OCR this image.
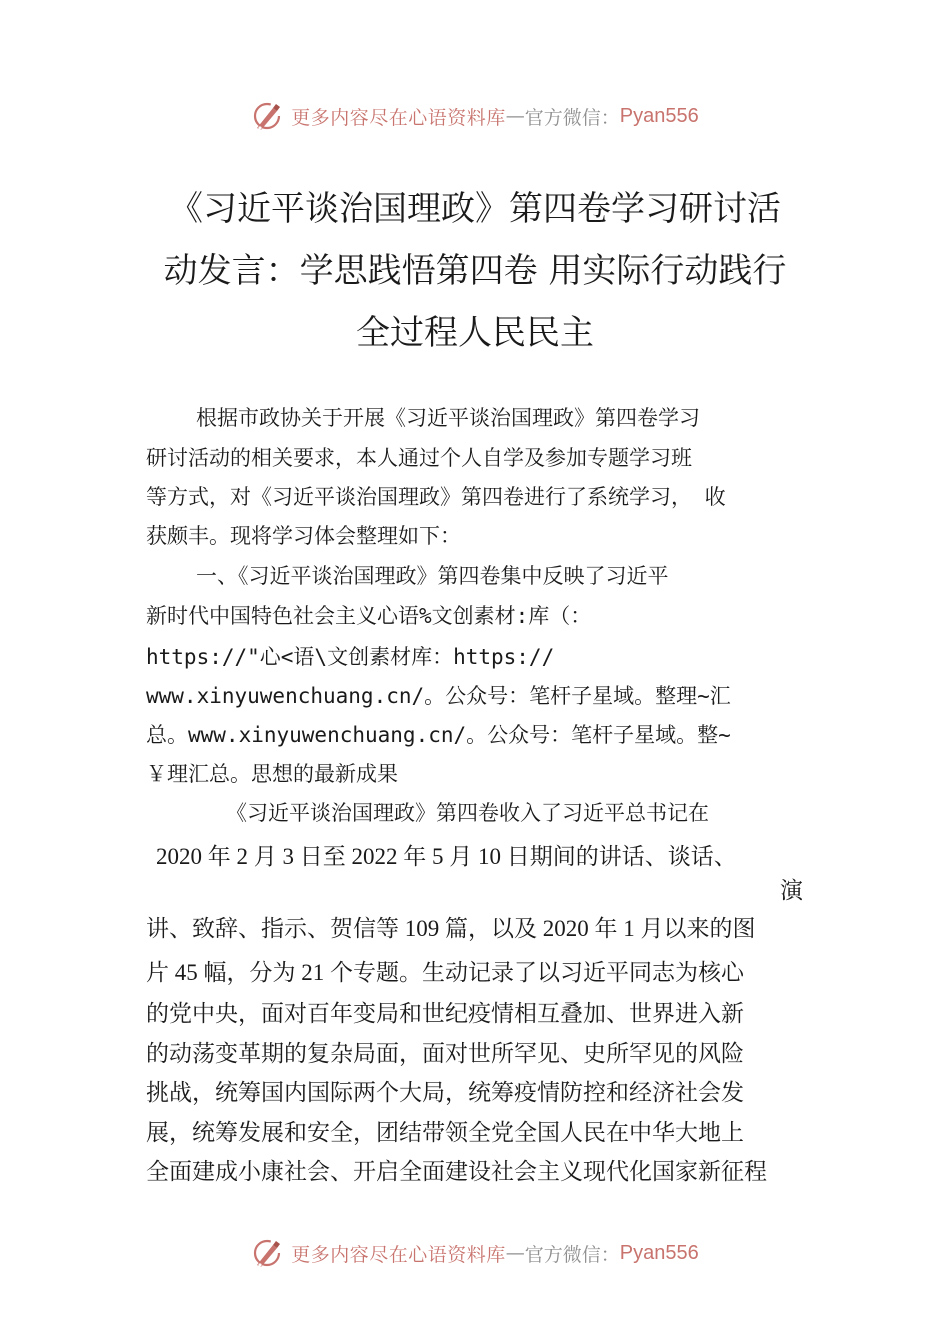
更多内容尽在心语资料库 — 官方微信： Pyan556
《习近平谈治国理政》第四卷学习研讨活
动发言：学思践悟第四卷 用实际行动践行
全过程人民民主
根据市政协关于开展《习近平谈治国理政》第四卷学习
研讨活动的相关要求，本人通过个人自学及参加专题学习班
等方式，对《习近平谈治国理政》第四卷进行了系统学习， 收
获颇丰。现将学习体会整理如下：
一、《习近平谈治国理政》第四卷集中反映了习近平
新时代中国特色社会主义心语%文创素材:库（：
https://"心<语\文创素材库：https://
www.xinyuwenchuang.cn/。公众号：笔杆子星域。整理~汇
总。www.xinyuwenchuang.cn/。公众号：笔杆子星域。整~
￥理汇总。思想的最新成果
《习近平谈治国理政》第四卷收入了习近平总书记在
2020 年 2 月 3 日至 2022 年 5 月 10 日期间的讲话、谈话、
演
讲、致辞、指示、贺信等 109 篇，以及 2020 年 1 月以来的图
片 45 幅，分为 21 个专题。生动记录了以习近平同志为核心
的党中央，面对百年变局和世纪疫情相互叠加、世界进入新
的动荡变革期的复杂局面，面对世所罕见、史所罕见的风险
挑战，统筹国内国际两个大局，统筹疫情防控和经济社会发
展，统筹发展和安全，团结带领全党全国人民在中华大地上
全面建成小康社会、开启全面建设社会主义现代化国家新征程
更多内容尽在心语资料库 — 官方微信： Pyan556
